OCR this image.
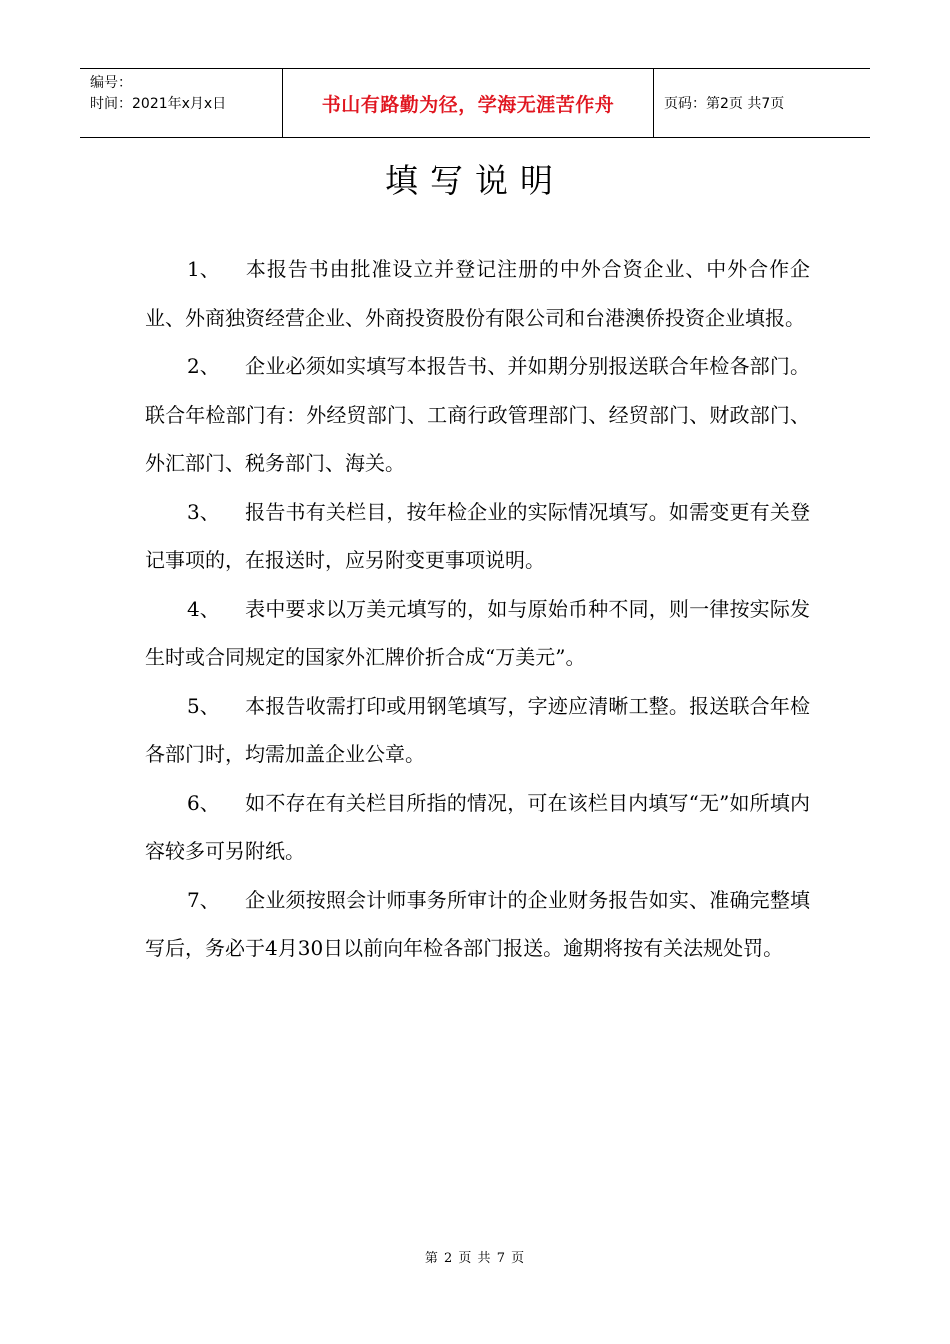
编号：
时间：2021年x月x日	书山有路勤为径，学海无涯苦作舟	页码：第2页 共7页
填写说明
1、 本报告书由批准设立并登记注册的中外合资企业、中外合作企业、外商独资经营企业、外商投资股份有限公司和台港澳侨投资企业填报。
2、 企业必须如实填写本报告书、并如期分别报送联合年检各部门。联合年检部门有：外经贸部门、工商行政管理部门、经贸部门、财政部门、外汇部门、税务部门、海关。
3、 报告书有关栏目，按年检企业的实际情况填写。如需变更有关登记事项的，在报送时，应另附变更事项说明。
4、 表中要求以万美元填写的，如与原始币种不同，则一律按实际发生时或合同规定的国家外汇牌价折合成“万美元”。
5、 本报告收需打印或用钢笔填写，字迹应清晰工整。报送联合年检各部门时，均需加盖企业公章。
6、 如不存在有关栏目所指的情况，可在该栏目内填写“无”如所填内容较多可另附纸。
7、 企业须按照会计师事务所审计的企业财务报告如实、准确完整填写后，务必于4月30日以前向年检各部门报送。逾期将按有关法规处罚。
第 2 页 共 7 页
